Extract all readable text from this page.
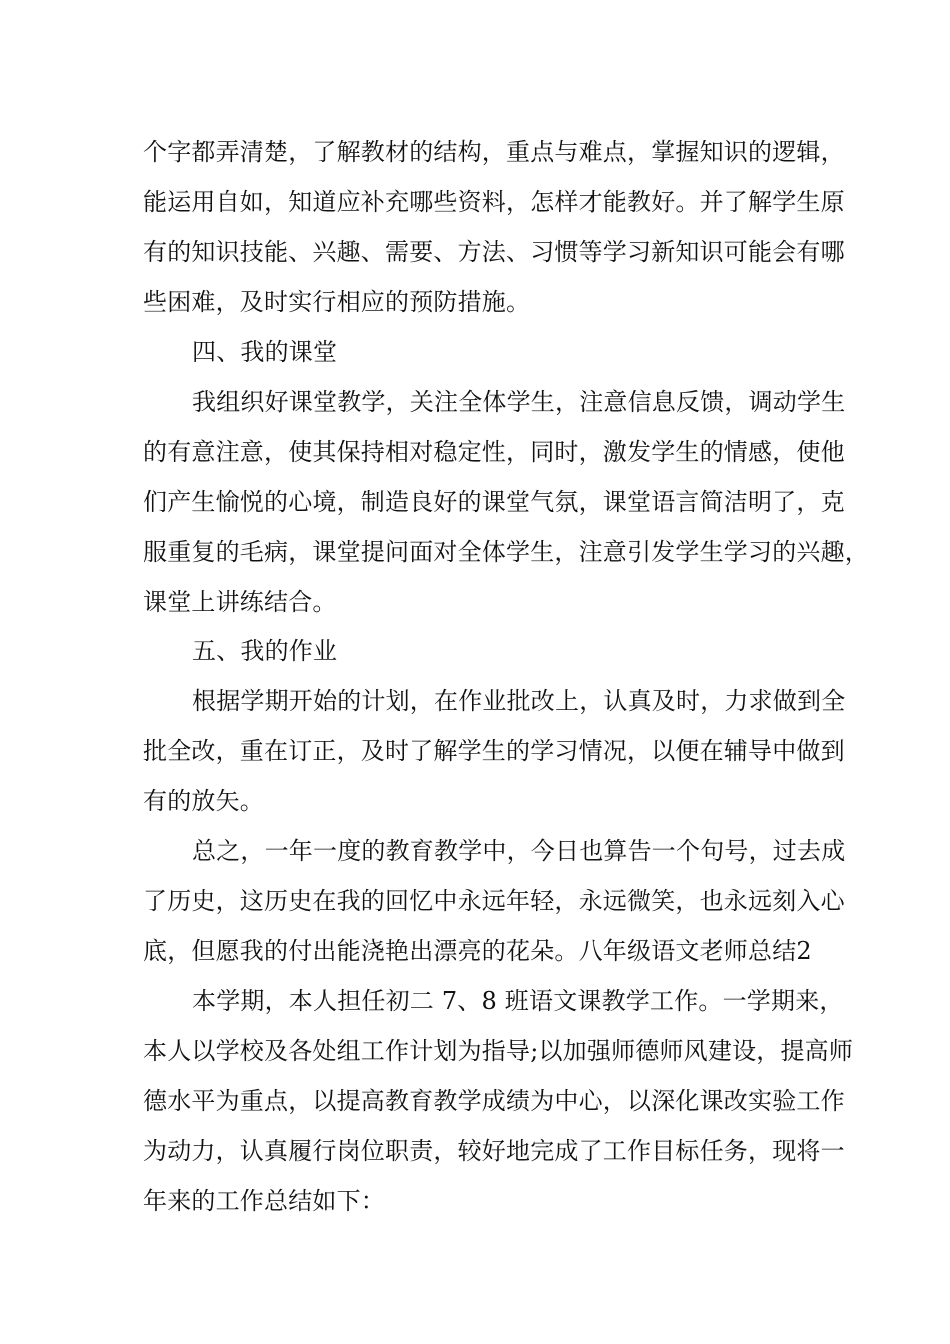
个字都弄清楚，了解教材的结构，重点与难点，掌握知识的逻辑，
能运用自如，知道应补充哪些资料，怎样才能教好。并了解学生原
有的知识技能、兴趣、需要、方法、习惯等学习新知识可能会有哪
些困难，及时实行相应的预防措施。
四、我的课堂
我组织好课堂教学，关注全体学生，注意信息反馈，调动学生
的有意注意，使其保持相对稳定性，同时，激发学生的情感，使他
们产生愉悦的心境，制造良好的课堂气氛，课堂语言简洁明了，克
服重复的毛病，课堂提问面对全体学生，注意引发学生学习的兴趣，
课堂上讲练结合。
五、我的作业
根据学期开始的计划，在作业批改上，认真及时，力求做到全
批全改，重在订正，及时了解学生的学习情况，以便在辅导中做到
有的放矢。
总之，一年一度的教育教学中，今日也算告一个句号，过去成
了历史，这历史在我的回忆中永远年轻，永远微笑，也永远刻入心
底，但愿我的付出能浇艳出漂亮的花朵。八年级语文老师总结2
本学期，本人担任初二 7、8 班语文课教学工作。一学期来，
本人以学校及各处组工作计划为指导;以加强师德师风建设，提高师
德水平为重点，以提高教育教学成绩为中心，以深化课改实验工作
为动力，认真履行岗位职责，较好地完成了工作目标任务，现将一
年来的工作总结如下：
